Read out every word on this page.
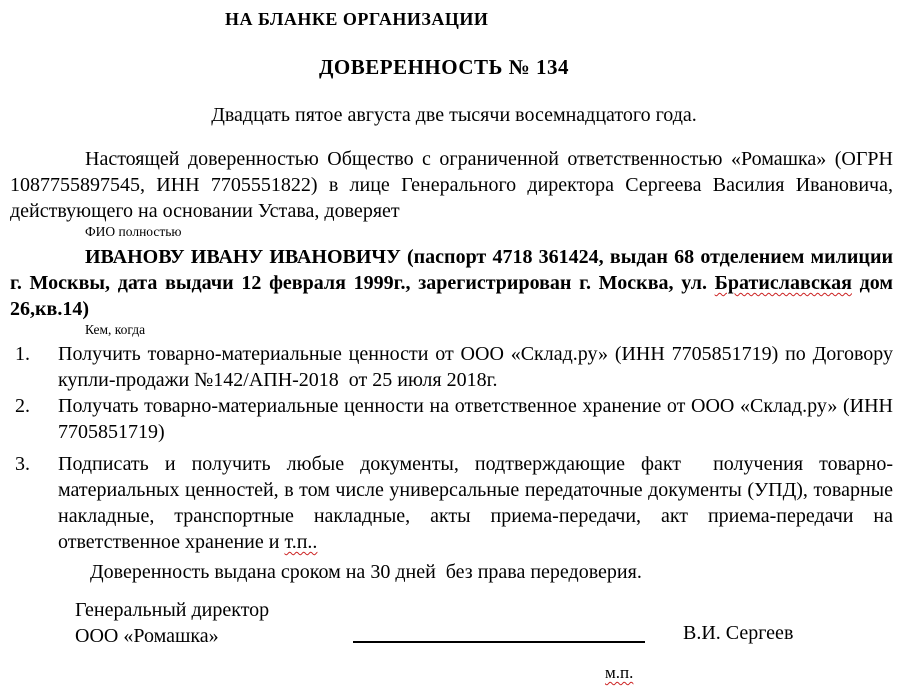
НА БЛАНКЕ ОРГАНИЗАЦИИ
ДОВЕРЕННОСТЬ № 134
Двадцать пятое августа две тысячи восемнадцатого года.

Настоящей доверенностью Общество с ограниченной ответственностью «Ромашка» (ОГРН 1087755897545, ИНН 7705551822) в лице Генерального директора Сергеева Василия Ивановича, действующего на основании Устава, доверяет

ФИО полностью

ИВАНОВУ ИВАНУ ИВАНОВИЧУ (паспорт 4718 361424, выдан 68 отделением милиции г. Москвы, дата выдачи 12 февраля 1999г., зарегистрирован г. Москва, ул. Братиславская дом 26,кв.14)

Кем, когда
1.	Получить товарно-материальные ценности от ООО «Склад.ру» (ИНН 7705851719) по Договору купли-продажи №142/АПН-2018  от 25 июля 2018г.
2.	Получать товарно-материальные ценности на ответственное хранение от ООО «Склад.ру» (ИНН 7705851719)
3.	Подписать и получить любые документы, подтверждающие факт  получения товарно-материальных ценностей, в том числе универсальные передаточные документы (УПД), товарные накладные, транспортные накладные, акты приема-передачи, акт приема-передачи на ответственное хранение и т.п..

Доверенность выдана сроком на 30 дней  без права передоверия.

Генеральный директор
ООО «Ромашка»	В.И. Сергеев
м.п.
